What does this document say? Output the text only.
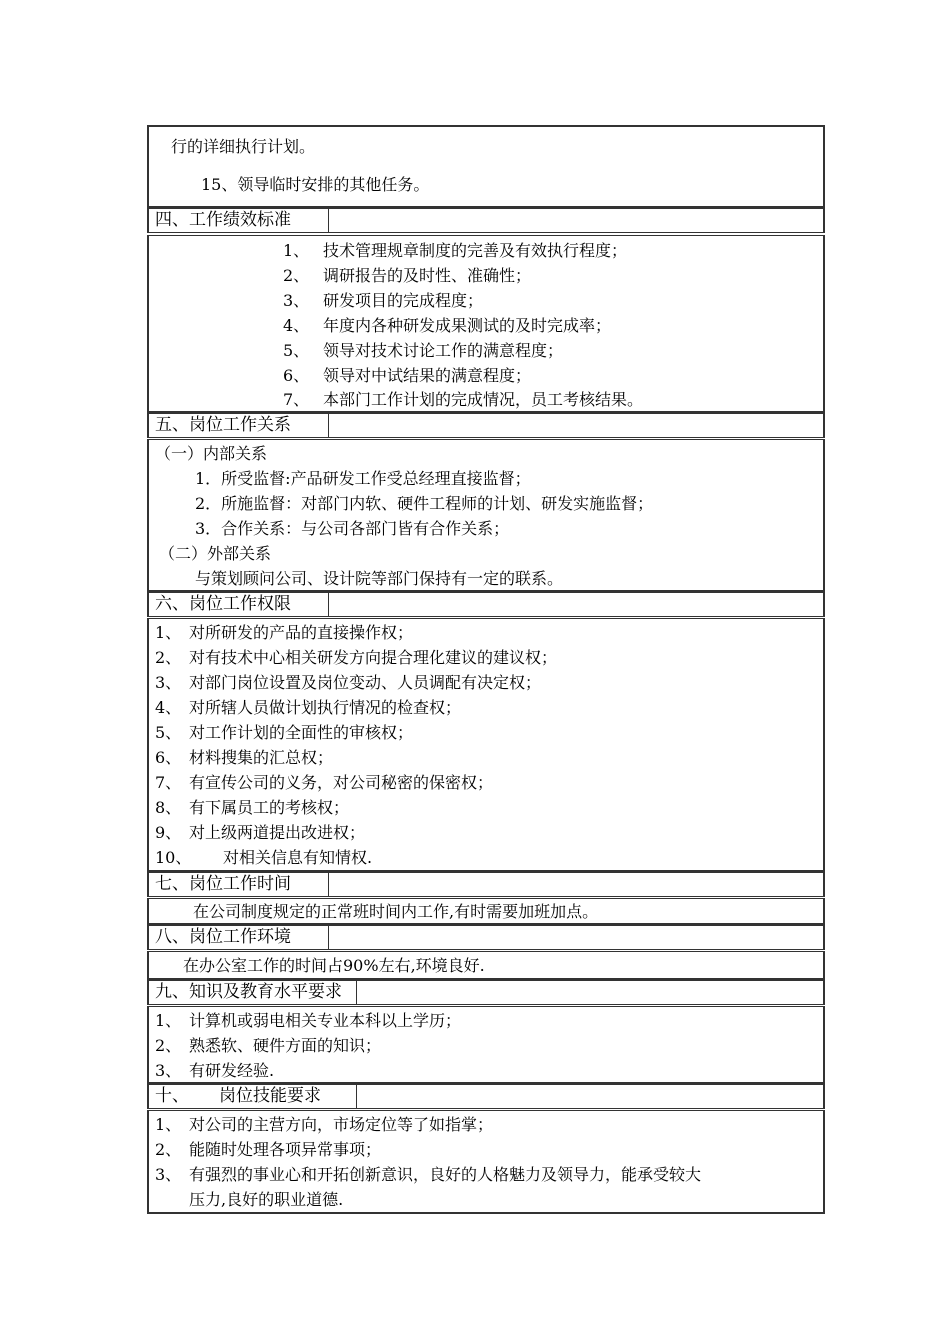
行的详细执行计划。
15、领导临时安排的其他任务。
四、工作绩效标准
1、 技术管理规章制度的完善及有效执行程度；
2、 调研报告的及时性、准确性；
3、 研发项目的完成程度；
4、 年度内各种研发成果测试的及时完成率；
5、 领导对技术讨论工作的满意程度；
6、 领导对中试结果的满意程度；
7、 本部门工作计划的完成情况，员工考核结果。
五、岗位工作关系
（一）内部关系
1．所受监督:产品研发工作受总经理直接监督；
2．所施监督：对部门内软、硬件工程师的计划、研发实施监督；
3．合作关系：与公司各部门皆有合作关系；
（二）外部关系
与策划顾问公司、设计院等部门保持有一定的联系。
六、岗位工作权限
1、 对所研发的产品的直接操作权；
2、 对有技术中心相关研发方向提合理化建议的建议权；
3、 对部门岗位设置及岗位变动、人员调配有决定权；
4、 对所辖人员做计划执行情况的检查权；
5、 对工作计划的全面性的审核权；
6、 材料搜集的汇总权；
7、 有宣传公司的义务，对公司秘密的保密权；
8、 有下属员工的考核权；
9、 对上级两道提出改进权；
10、 对相关信息有知情权.
七、岗位工作时间
在公司制度规定的正常班时间内工作,有时需要加班加点。
八、岗位工作环境
在办公室工作的时间占90%左右,环境良好.
九、知识及教育水平要求
1、 计算机或弱电相关专业本科以上学历；
2、 熟悉软、硬件方面的知识；
3、 有研发经验.
十、 岗位技能要求
1、 对公司的主营方向，市场定位等了如指掌；
2、 能随时处理各项异常事项；
3、 有强烈的事业心和开拓创新意识，良好的人格魅力及领导力，能承受较大
压力,良好的职业道德.
